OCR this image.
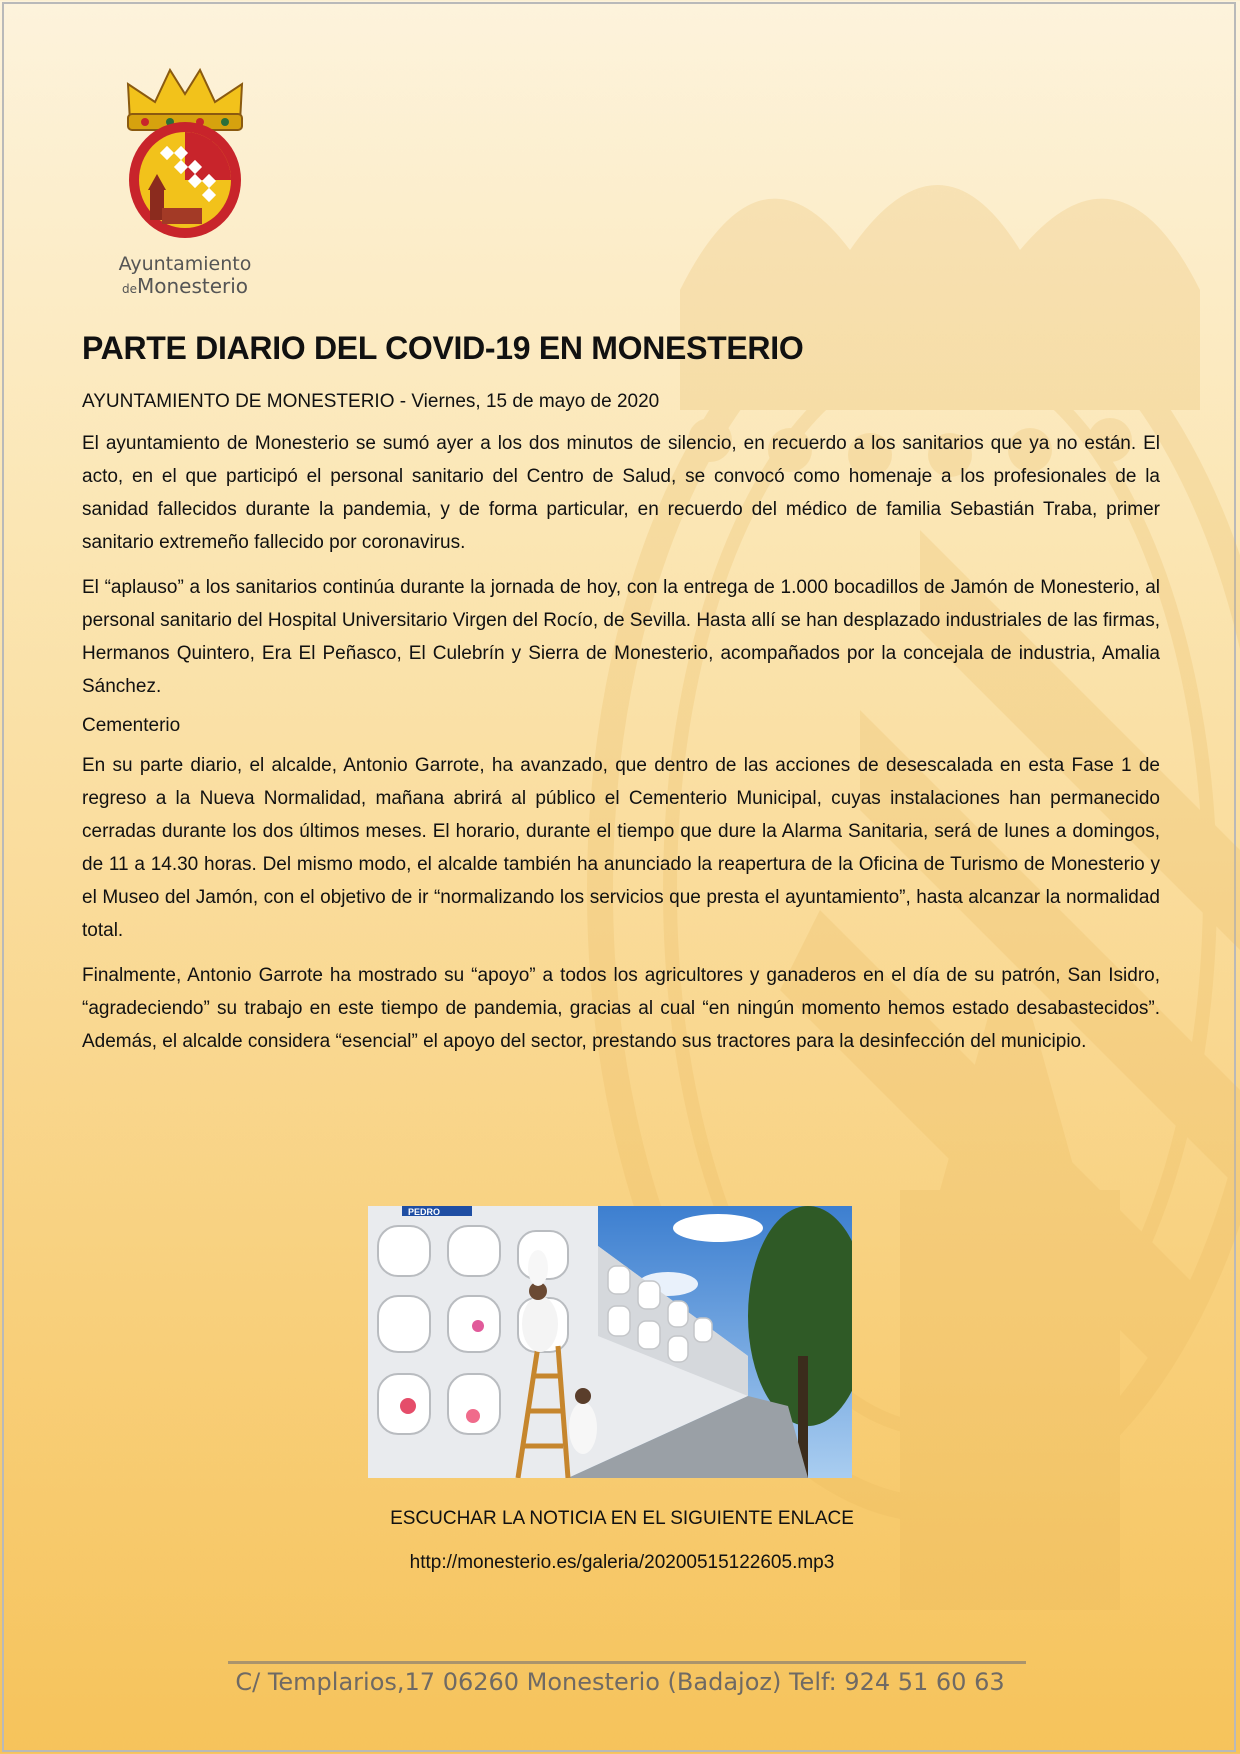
Ayuntamiento
deMonesterio
PARTE DIARIO DEL COVID-19 EN MONESTERIO
AYUNTAMIENTO DE MONESTERIO - Viernes, 15 de mayo de 2020

El ayuntamiento de Monesterio se sumó ayer a los dos minutos de silencio, en recuerdo a los sanitarios que ya no están. El acto, en el que participó el personal sanitario del Centro de Salud, se convocó como homenaje a los profesionales de la sanidad fallecidos durante la pandemia, y de forma particular, en recuerdo del médico de familia Sebastián Traba, primer sanitario extremeño fallecido por coronavirus.

El “aplauso” a los sanitarios continúa durante la jornada de hoy, con la entrega de 1.000 bocadillos de Jamón de Monesterio, al personal sanitario del Hospital Universitario Virgen del Rocío, de Sevilla. Hasta allí se han desplazado industriales de las firmas, Hermanos Quintero, Era El Peñasco, El Culebrín y Sierra de Monesterio, acompañados por la concejala de industria, Amalia Sánchez.

Cementerio

En su parte diario, el alcalde, Antonio Garrote, ha avanzado, que dentro de las acciones de desescalada en esta Fase 1 de regreso a la Nueva Normalidad, mañana abrirá al público el Cementerio Municipal, cuyas instalaciones han permanecido cerradas durante los dos últimos meses. El horario, durante el tiempo que dure la Alarma Sanitaria, será de lunes a domingos, de 11 a 14.30 horas. Del mismo modo, el alcalde también ha anunciado la reapertura de la Oficina de Turismo de Monesterio y el Museo del Jamón, con el objetivo de ir “normalizando los servicios que presta el ayuntamiento”, hasta alcanzar la normalidad total.

Finalmente, Antonio Garrote ha mostrado su “apoyo” a todos los agricultores y ganaderos en el día de su patrón, San Isidro, “agradeciendo” su trabajo en este tiempo de pandemia, gracias al cual “en ningún momento hemos estado desabastecidos”. Además, el alcalde considera “esencial” el apoyo del sector, prestando sus tractores para la desinfección del municipio.

PEDRO
ESCUCHAR LA NOTICIA EN EL SIGUIENTE ENLACE
http://monesterio.es/galeria/20200515122605.mp3
C/ Templarios,17 06260 Monesterio (Badajoz) Telf: 924 51 60 63
